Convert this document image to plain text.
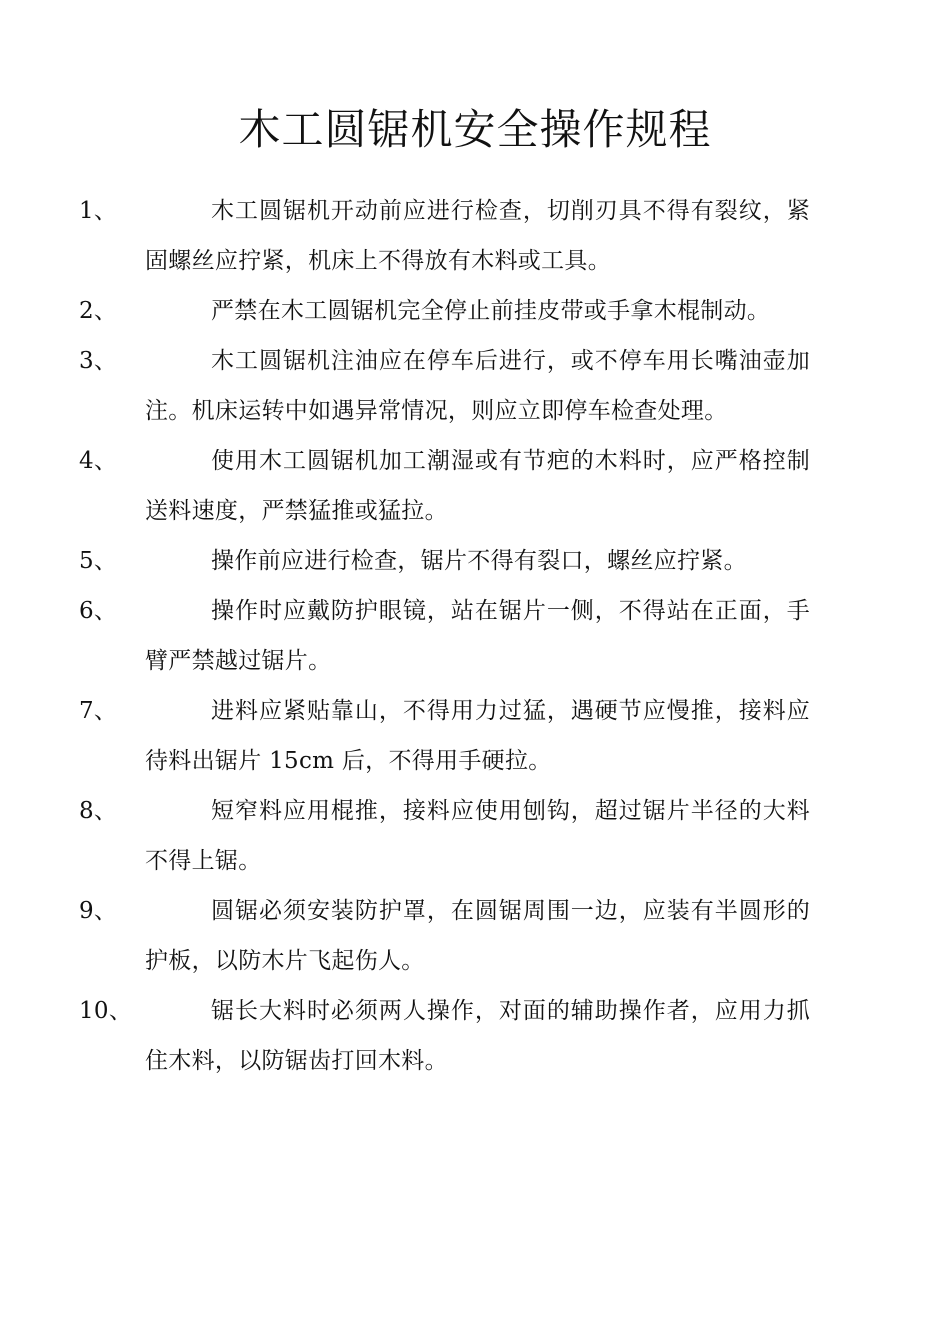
木工圆锯机安全操作规程

1、	木工圆锯机开动前应进行检查，切削刃具不得有裂纹，紧固螺丝应拧紧，机床上不得放有木料或工具。

2、	严禁在木工圆锯机完全停止前挂皮带或手拿木棍制动。

3、	木工圆锯机注油应在停车后进行，或不停车用长嘴油壶加注。机床运转中如遇异常情况，则应立即停车检查处理。

4、	使用木工圆锯机加工潮湿或有节疤的木料时，应严格控制送料速度，严禁猛推或猛拉。

5、	操作前应进行检查，锯片不得有裂口，螺丝应拧紧。

6、	操作时应戴防护眼镜，站在锯片一侧，不得站在正面，手臂严禁越过锯片。

7、	进料应紧贴靠山，不得用力过猛，遇硬节应慢推，接料应待料出锯片 15cm 后，不得用手硬拉。

8、	短窄料应用棍推，接料应使用刨钩，超过锯片半径的大料不得上锯。

9、	圆锯必须安装防护罩，在圆锯周围一边，应装有半圆形的护板，以防木片飞起伤人。

10、	锯长大料时必须两人操作，对面的辅助操作者，应用力抓住木料，以防锯齿打回木料。
